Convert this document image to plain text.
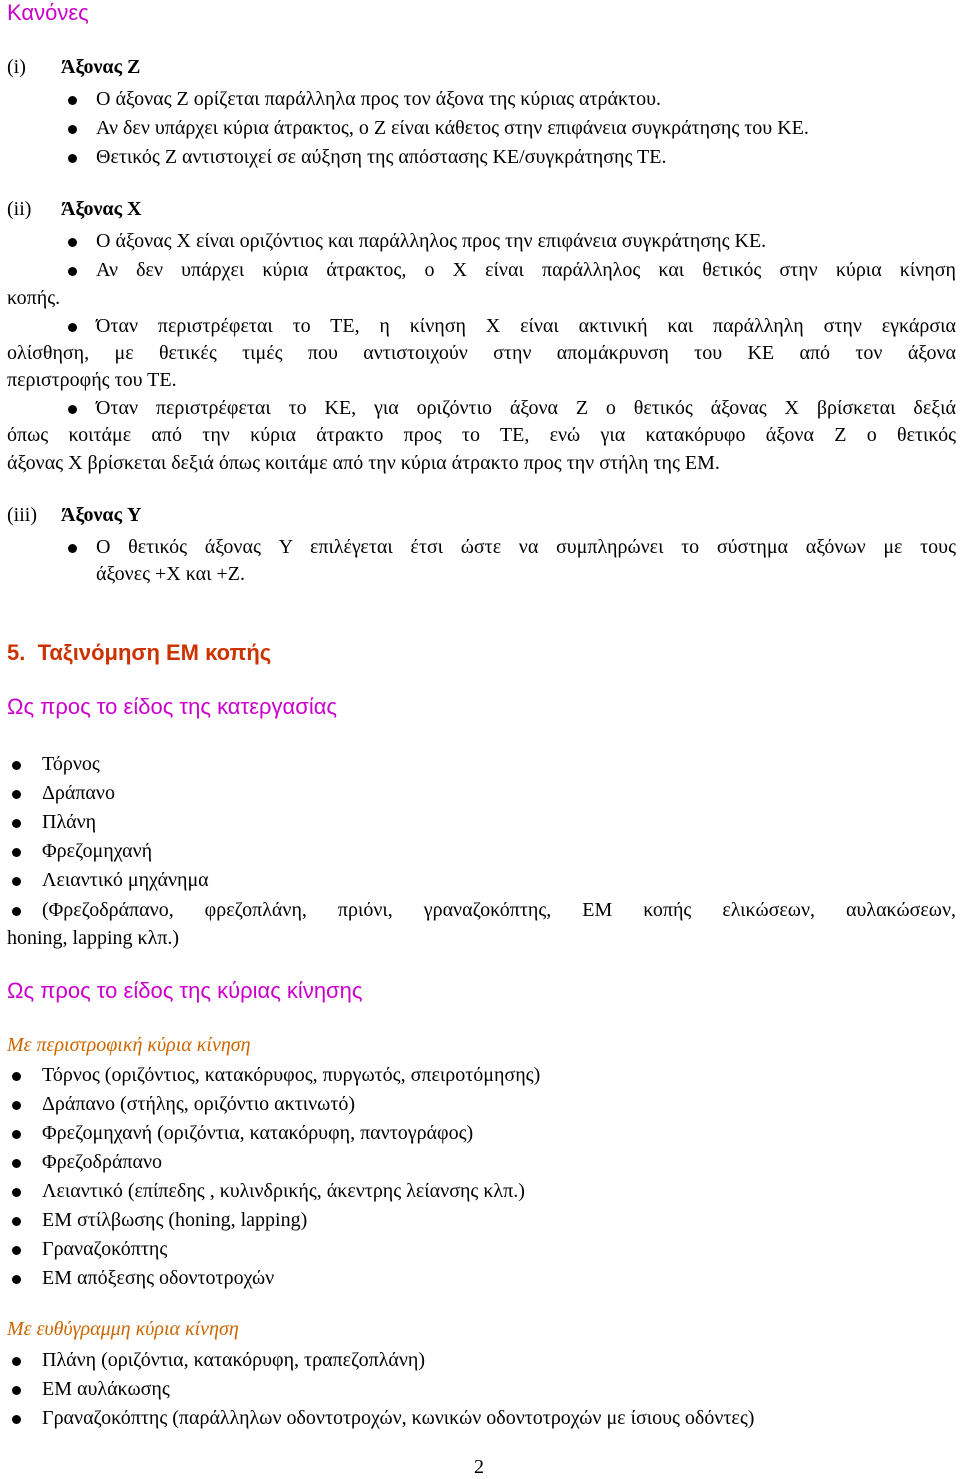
Κανόνες
(i) Άξονας Z
Ο άξονας Z ορίζεται παράλληλα προς τον άξονα της κύριας ατράκτου.
Αν δεν υπάρχει κύρια άτρακτος, ο Z είναι κάθετος στην επιφάνεια συγκράτησης του ΚΕ.
Θετικός Z αντιστοιχεί σε αύξηση της απόστασης ΚΕ/συγκράτησης ΤΕ.
(ii) Άξονας X
Ο άξονας X είναι οριζόντιος και παράλληλος προς την επιφάνεια συγκράτησης ΚΕ.
Αν δεν υπάρχει κύρια άτρακτος, ο X είναι παράλληλος και θετικός στην κύρια κίνηση
κοπής.
Όταν περιστρέφεται το ΤΕ, η κίνηση X είναι ακτινική και παράλληλη στην εγκάρσια
ολίσθηση, με θετικές τιμές που αντιστοιχούν στην απομάκρυνση του ΚΕ από τον άξονα
περιστροφής του ΤΕ.
Όταν περιστρέφεται το ΚΕ, για οριζόντιο άξονα Z ο θετικός άξονας X βρίσκεται δεξιά
όπως κοιτάμε από την κύρια άτρακτο προς το ΤΕ, ενώ για κατακόρυφο άξονα Z ο θετικός
άξονας X βρίσκεται δεξιά όπως κοιτάμε από την κύρια άτρακτο προς την στήλη της ΕΜ.
(iii) Άξονας Y
Ο θετικός άξονας Y επιλέγεται έτσι ώστε να συμπληρώνει το σύστημα αξόνων με τους
άξονες +X και +Z.
5. Ταξινόμηση ΕΜ κοπής
Ως προς το είδος της κατεργασίας
Τόρνος
Δράπανο
Πλάνη
Φρεζομηχανή
Λειαντικό μηχάνημα
(Φρεζοδράπανο, φρεζοπλάνη, πριόνι, γραναζοκόπτης, ΕΜ κοπής ελικώσεων, αυλακώσεων,
honing, lapping κλπ.)
Ως προς το είδος της κύριας κίνησης
Με περιστροφική κύρια κίνηση
Τόρνος (οριζόντιος, κατακόρυφος, πυργωτός, σπειροτόμησης)
Δράπανο (στήλης, οριζόντιο ακτινωτό)
Φρεζομηχανή (οριζόντια, κατακόρυφη, παντογράφος)
Φρεζοδράπανο
Λειαντικό (επίπεδης , κυλινδρικής, άκεντρης λείανσης κλπ.)
ΕΜ στίλβωσης (honing, lapping)
Γραναζοκόπτης
ΕΜ απόξεσης οδοντοτροχών
Με ευθύγραμμη κύρια κίνηση
Πλάνη (οριζόντια, κατακόρυφη, τραπεζοπλάνη)
ΕΜ αυλάκωσης
Γραναζοκόπτης (παράλληλων οδοντοτροχών, κωνικών οδοντοτροχών με ίσιους οδόντες)
2
